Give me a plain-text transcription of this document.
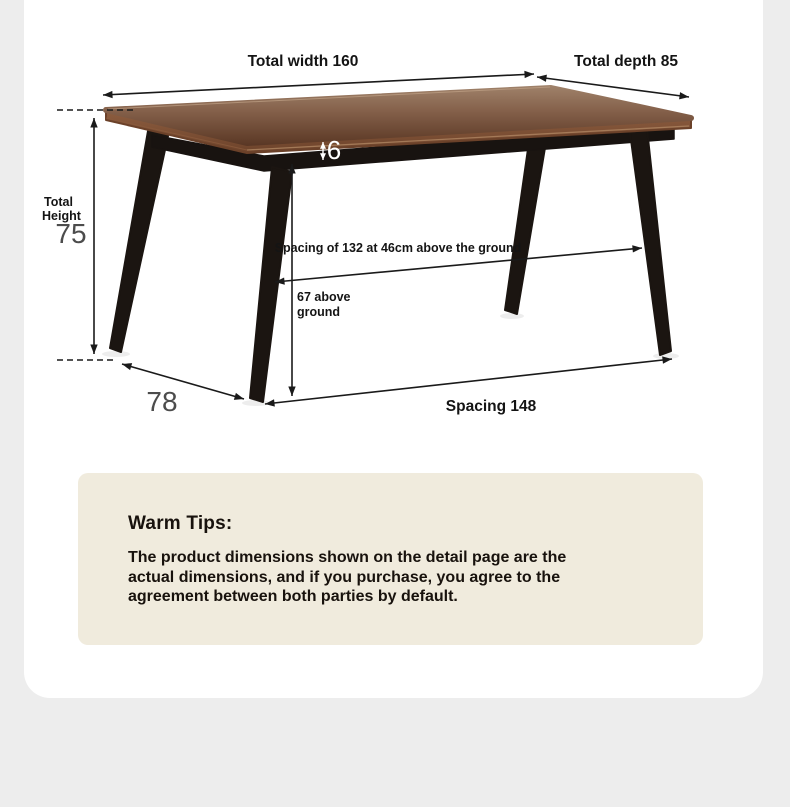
Total width 160	Total depth 85
Total
Height
75
78
6
Spacing of 132 at 46cm above the ground
67 above
ground
Spacing 148
Warm Tips:
The product dimensions shown on the detail page are the
actual dimensions, and if you purchase, you agree to the
agreement between both parties by default.
